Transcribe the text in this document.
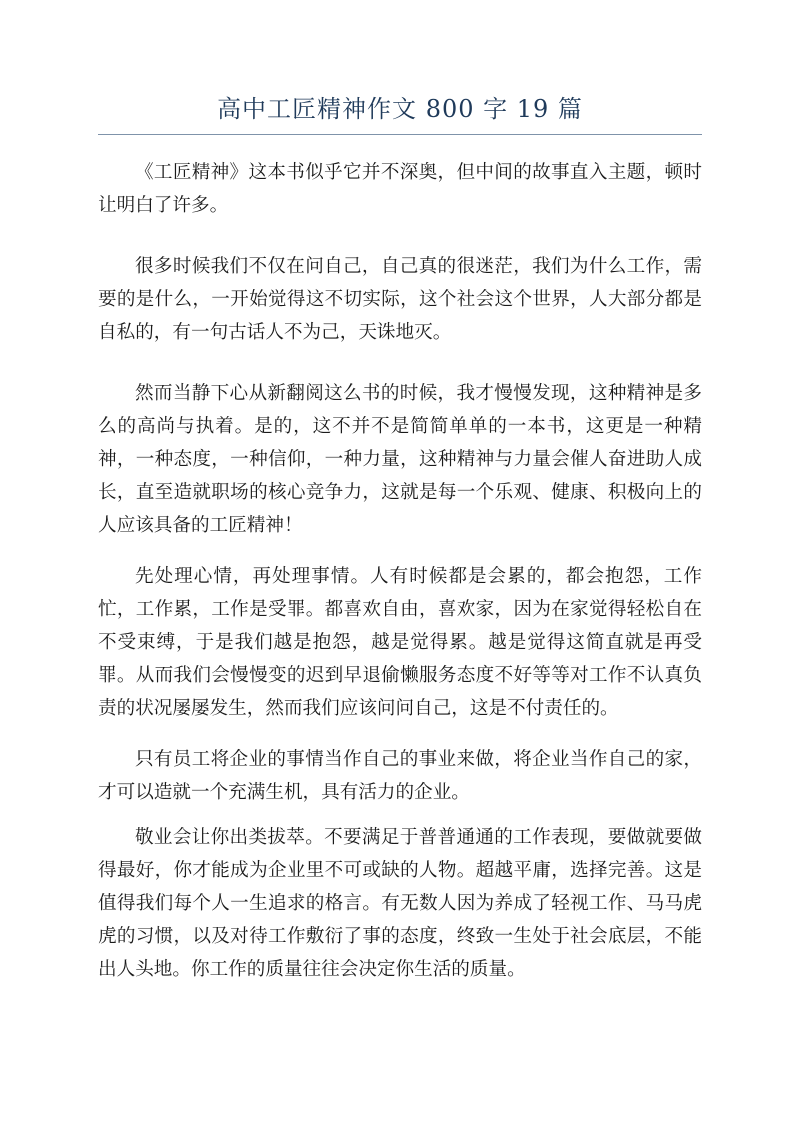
高中工匠精神作文 800 字 19 篇

《工匠精神》这本书似乎它并不深奥，但中间的故事直入主题，顿时让明白了许多。

很多时候我们不仅在问自己，自己真的很迷茫，我们为什么工作，需要的是什么，一开始觉得这不切实际，这个社会这个世界，人大部分都是自私的，有一句古话人不为己，天诛地灭。

然而当静下心从新翻阅这么书的时候，我才慢慢发现，这种精神是多么的高尚与执着。是的，这不并不是简简单单的一本书，这更是一种精神，一种态度，一种信仰，一种力量，这种精神与力量会催人奋进助人成长，直至造就职场的核心竞争力，这就是每一个乐观、健康、积极向上的人应该具备的工匠精神！

先处理心情，再处理事情。人有时候都是会累的，都会抱怨，工作忙，工作累，工作是受罪。都喜欢自由，喜欢家，因为在家觉得轻松自在不受束缚，于是我们越是抱怨，越是觉得累。越是觉得这简直就是再受罪。从而我们会慢慢变的迟到早退偷懒服务态度不好等等对工作不认真负责的状况屡屡发生，然而我们应该问问自己，这是不付责任的。

只有员工将企业的事情当作自己的事业来做，将企业当作自己的家，才可以造就一个充满生机，具有活力的企业。

敬业会让你出类拔萃。不要满足于普普通通的工作表现，要做就要做得最好，你才能成为企业里不可或缺的人物。超越平庸，选择完善。这是值得我们每个人一生追求的格言。有无数人因为养成了轻视工作、马马虎虎的习惯，以及对待工作敷衍了事的态度，终致一生处于社会底层，不能出人头地。你工作的质量往往会决定你生活的质量。
